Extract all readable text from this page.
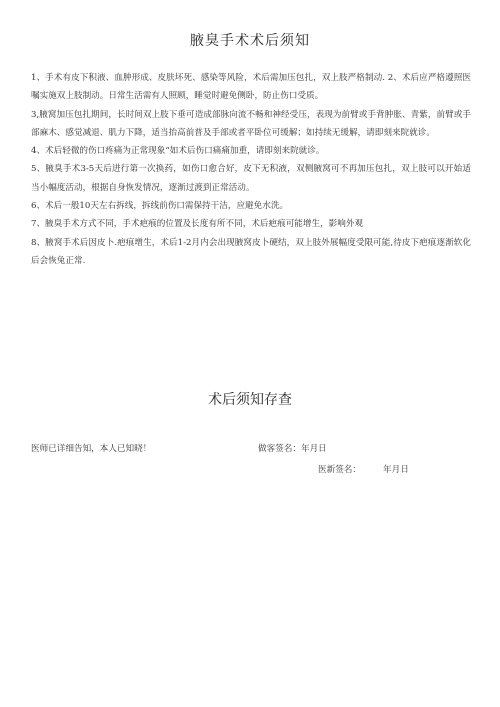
腋臭手术术后须知

1、手术有皮下积液、血肿形成、皮肤坏死、感染等风险，术后需加压包扎，双上肢严格制动. 2、术后应严格遵照医嘱实施双上肢制动。日常生活需有人照顾，睡觉时避免侧卧，防止伤口受质。

3,腋窝加压包扎期间，长时间双上肢下垂可造成部脉向流不畅和神经受压，表现为前臂或手背肿胀、青紫，前臂或手部麻木、感觉减退、肌力下降，适当抬高前普及手部或者平卧位可缓解；如持续无缓解，请即刻来院就诊。

4、术后轻微的伤口疼痛为正常现象“如术后伤口痛痛加重，请即刻来院就诊。

5、腋臭手术3-5天后进行第一次换药，如伤口愈合好，皮下无积液，双侧腋窝可不再加压包扎，双上肢可以开始适当小幅度活动，根据自身恢发情况，逐渐过渡到正常活动。

6、术后一般10天左右拆线，拆线前伤口需保持干洁，应避免水洗。

7、腋臭手术方式不同，手术疤痕的位置及长度有所不同，术后疤痕可能增生，影响外观

8、腋窝手术后因皮卜.疤痕增生，术后1-2月内会出现腋窝皮卜硬结，双上肢外展幅度受限可能,待皮下疤痕逐渐软化后会恢兔正常.

术后须知存查
医师已详细告知，本人已知晓！	做客签名：年月日
医新签名：	年月日
